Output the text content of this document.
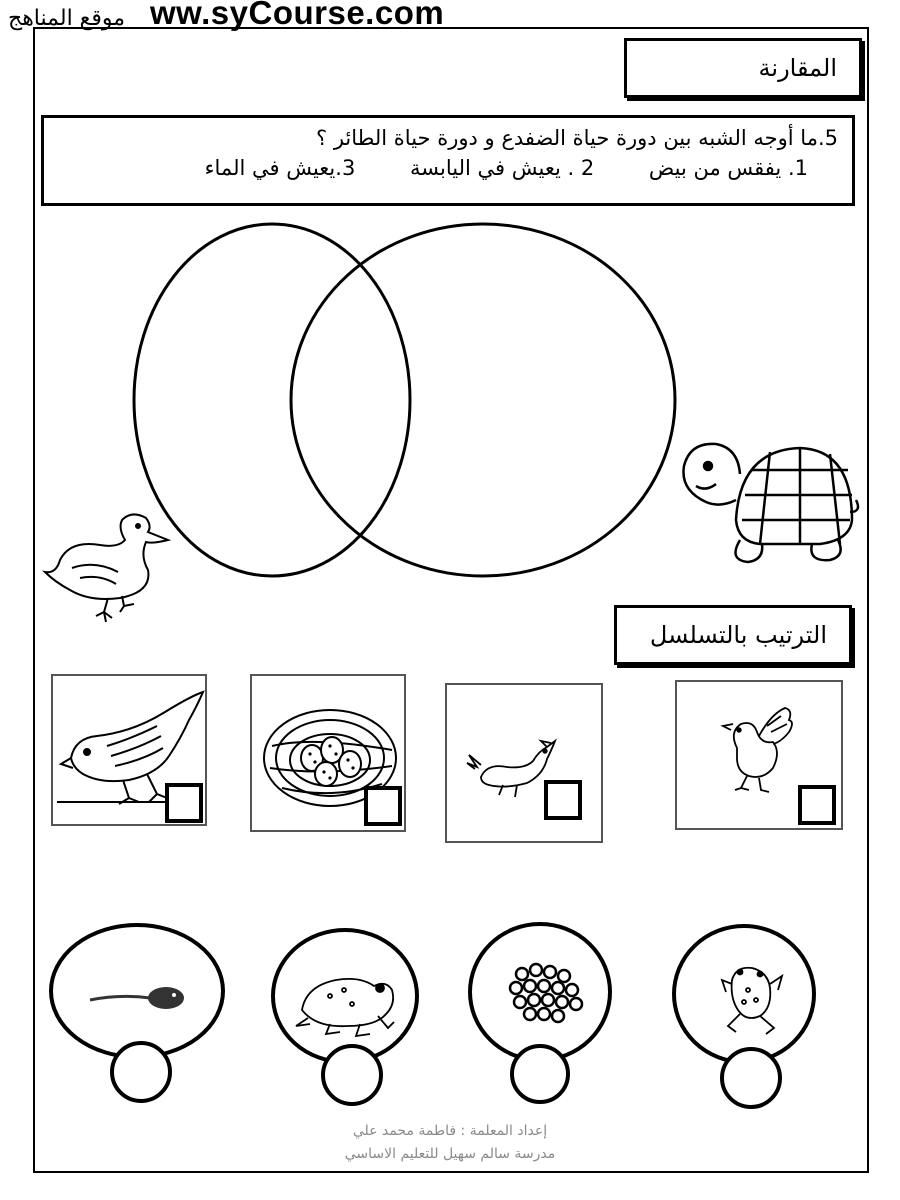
موقع المناهج ww.syCourse.com
المقارنة
5.ما أوجه الشبه بين دورة حياة الضفدع و دورة حياة الطائر ؟
1. يفقس من بيض 2 . يعيش في اليابسة 3.يعيش في الماء
الترتيب بالتسلسل
إعداد المعلمة : فاطمة محمد علي
مدرسة سالم سهيل للتعليم الاساسي
